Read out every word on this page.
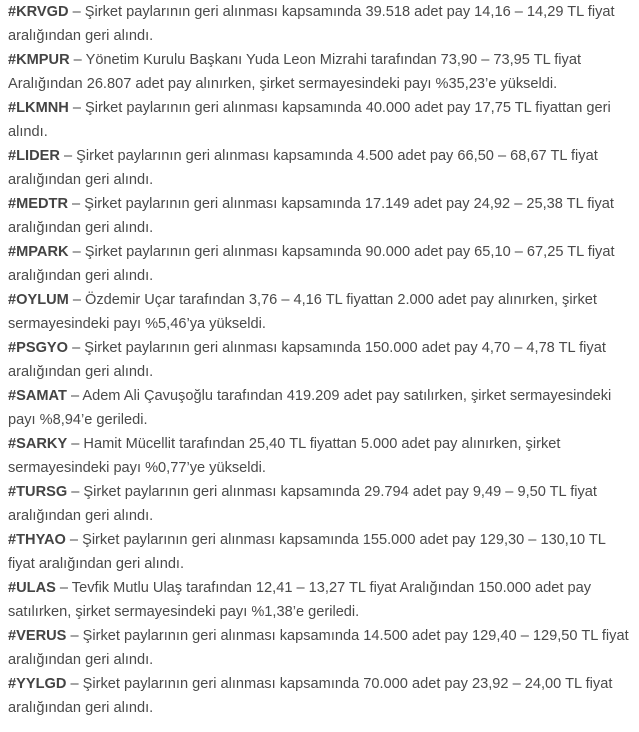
#KRVGD – Şirket paylarının geri alınması kapsamında 39.518 adet pay 14,16 – 14,29 TL fiyat aralığından geri alındı.

#KMPUR – Yönetim Kurulu Başkanı Yuda Leon Mizrahi tarafından 73,90 – 73,95 TL fiyat Aralığından 26.807 adet pay alınırken, şirket sermayesindeki payı %35,23’e yükseldi.

#LKMNH – Şirket paylarının geri alınması kapsamında 40.000 adet pay 17,75 TL fiyattan geri alındı.

#LIDER – Şirket paylarının geri alınması kapsamında 4.500 adet pay 66,50 – 68,67 TL fiyat aralığından geri alındı.

#MEDTR – Şirket paylarının geri alınması kapsamında 17.149 adet pay 24,92 – 25,38 TL fiyat aralığından geri alındı.

#MPARK – Şirket paylarının geri alınması kapsamında 90.000 adet pay 65,10 – 67,25 TL fiyat aralığından geri alındı.

#OYLUM – Özdemir Uçar tarafından 3,76 – 4,16 TL fiyattan 2.000 adet pay alınırken, şirket sermayesindeki payı %5,46’ya yükseldi.

#PSGYO – Şirket paylarının geri alınması kapsamında 150.000 adet pay 4,70 – 4,78 TL fiyat aralığından geri alındı.

#SAMAT – Adem Ali Çavuşoğlu tarafından 419.209 adet pay satılırken, şirket sermayesindeki payı %8,94’e geriledi.

#SARKY – Hamit Mücellit tarafından 25,40 TL fiyattan 5.000 adet pay alınırken, şirket sermayesindeki payı %0,77’ye yükseldi.

#TURSG – Şirket paylarının geri alınması kapsamında 29.794 adet pay 9,49 – 9,50 TL fiyat aralığından geri alındı.

#THYAO – Şirket paylarının geri alınması kapsamında 155.000 adet pay 129,30 – 130,10 TL fiyat aralığından geri alındı.

#ULAS – Tevfik Mutlu Ulaş tarafından 12,41 – 13,27 TL fiyat Aralığından 150.000 adet pay satılırken, şirket sermayesindeki payı %1,38’e geriledi.

#VERUS – Şirket paylarının geri alınması kapsamında 14.500 adet pay 129,40 – 129,50 TL fiyat aralığından geri alındı.

#YYLGD – Şirket paylarının geri alınması kapsamında 70.000 adet pay 23,92 – 24,00 TL fiyat aralığından geri alındı.
